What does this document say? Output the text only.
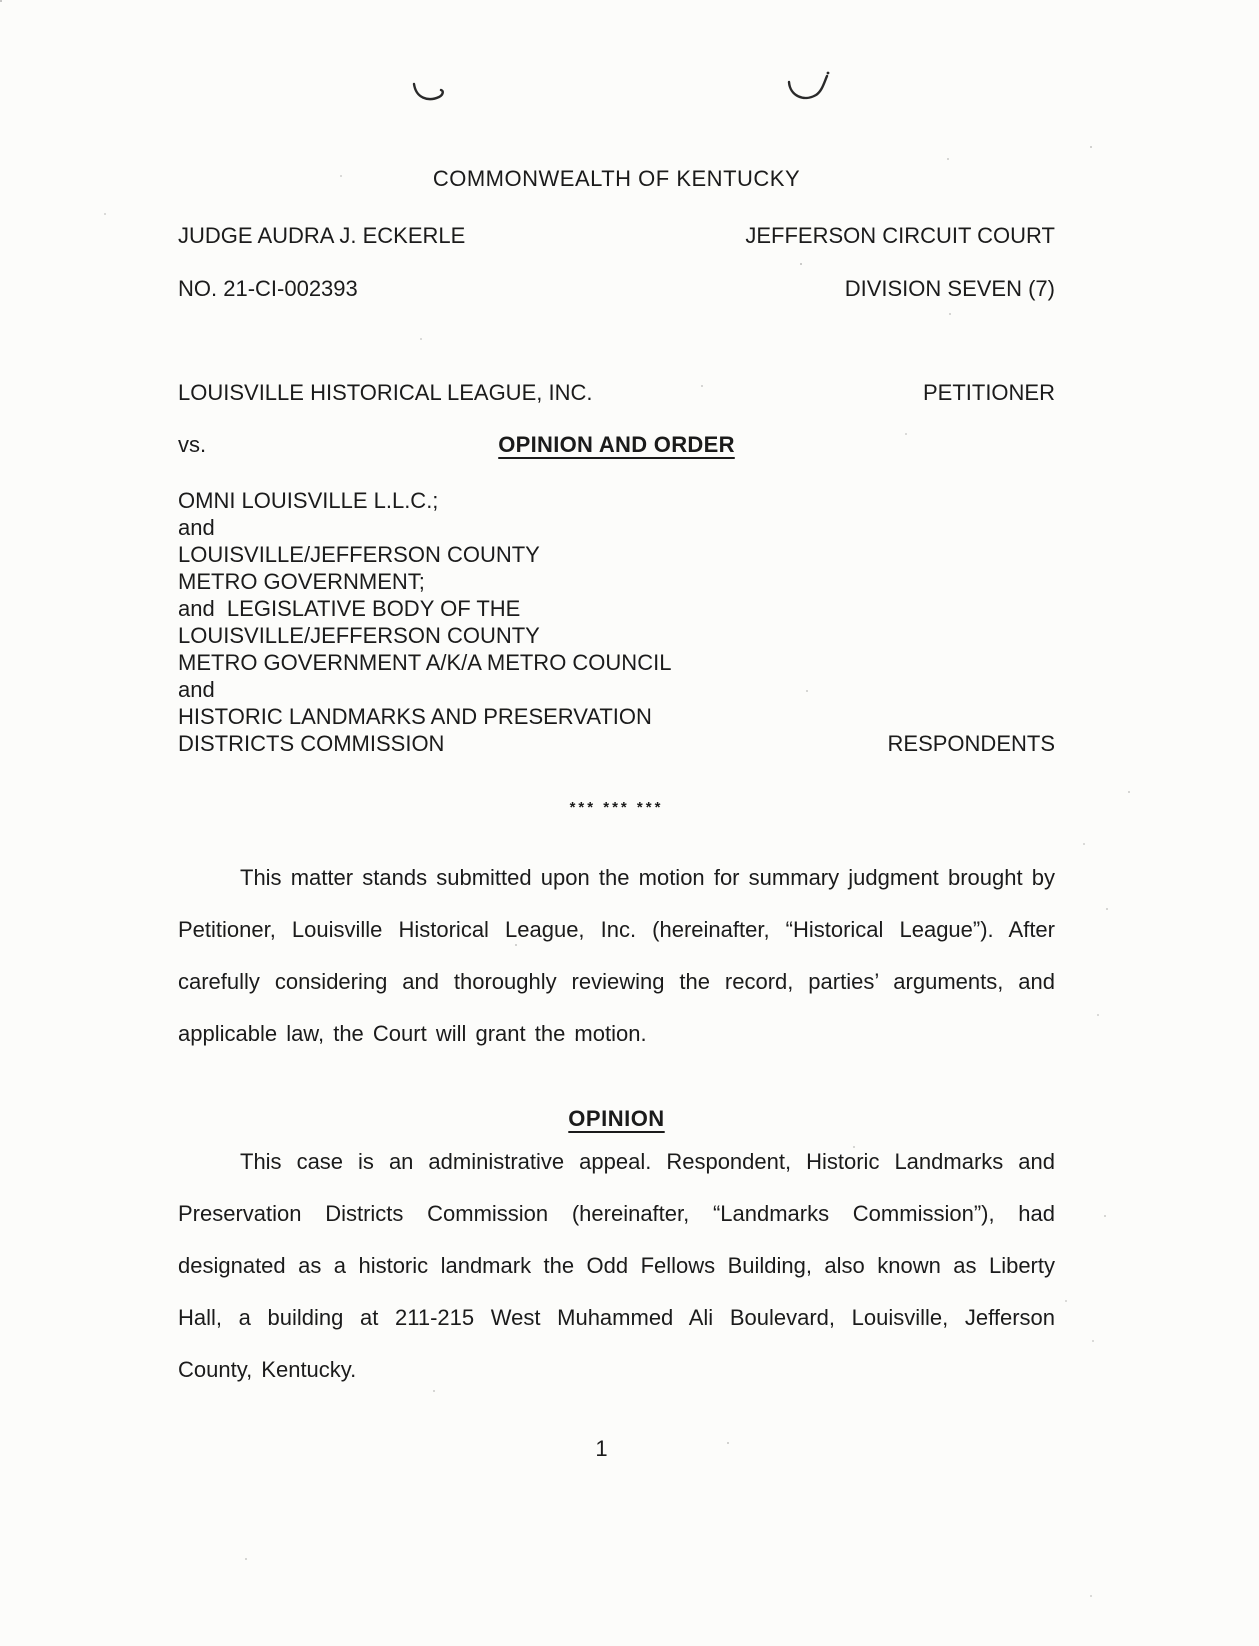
COMMONWEALTH OF KENTUCKY
JUDGE AUDRA J. ECKERLE	JEFFERSON CIRCUIT COURT
NO. 21-CI-002393	DIVISION SEVEN (7)
LOUISVILLE HISTORICAL LEAGUE, INC.	PETITIONER
vs.	OPINION AND ORDER
OMNI LOUISVILLE L.L.C.;
and
LOUISVILLE/JEFFERSON COUNTY
METRO GOVERNMENT;
and  LEGISLATIVE BODY OF THE
LOUISVILLE/JEFFERSON COUNTY
METRO GOVERNMENT A/K/A METRO COUNCIL
and
HISTORIC LANDMARKS AND PRESERVATION
DISTRICTS COMMISSION	RESPONDENTS
*** *** ***

This matter stands submitted upon the motion for summary judgment brought by Petitioner, Louisville Historical League, Inc. (hereinafter, “Historical League”). After carefully considering and thoroughly reviewing the record, parties’ arguments, and applicable law, the Court will grant the motion.

OPINION

This case is an administrative appeal. Respondent, Historic Landmarks and Preservation Districts Commission (hereinafter, “Landmarks Commission”), had designated as a historic landmark the Odd Fellows Building, also known as Liberty Hall, a building at 211-215 West Muhammed Ali Boulevard, Louisville, Jefferson County, Kentucky.

1
